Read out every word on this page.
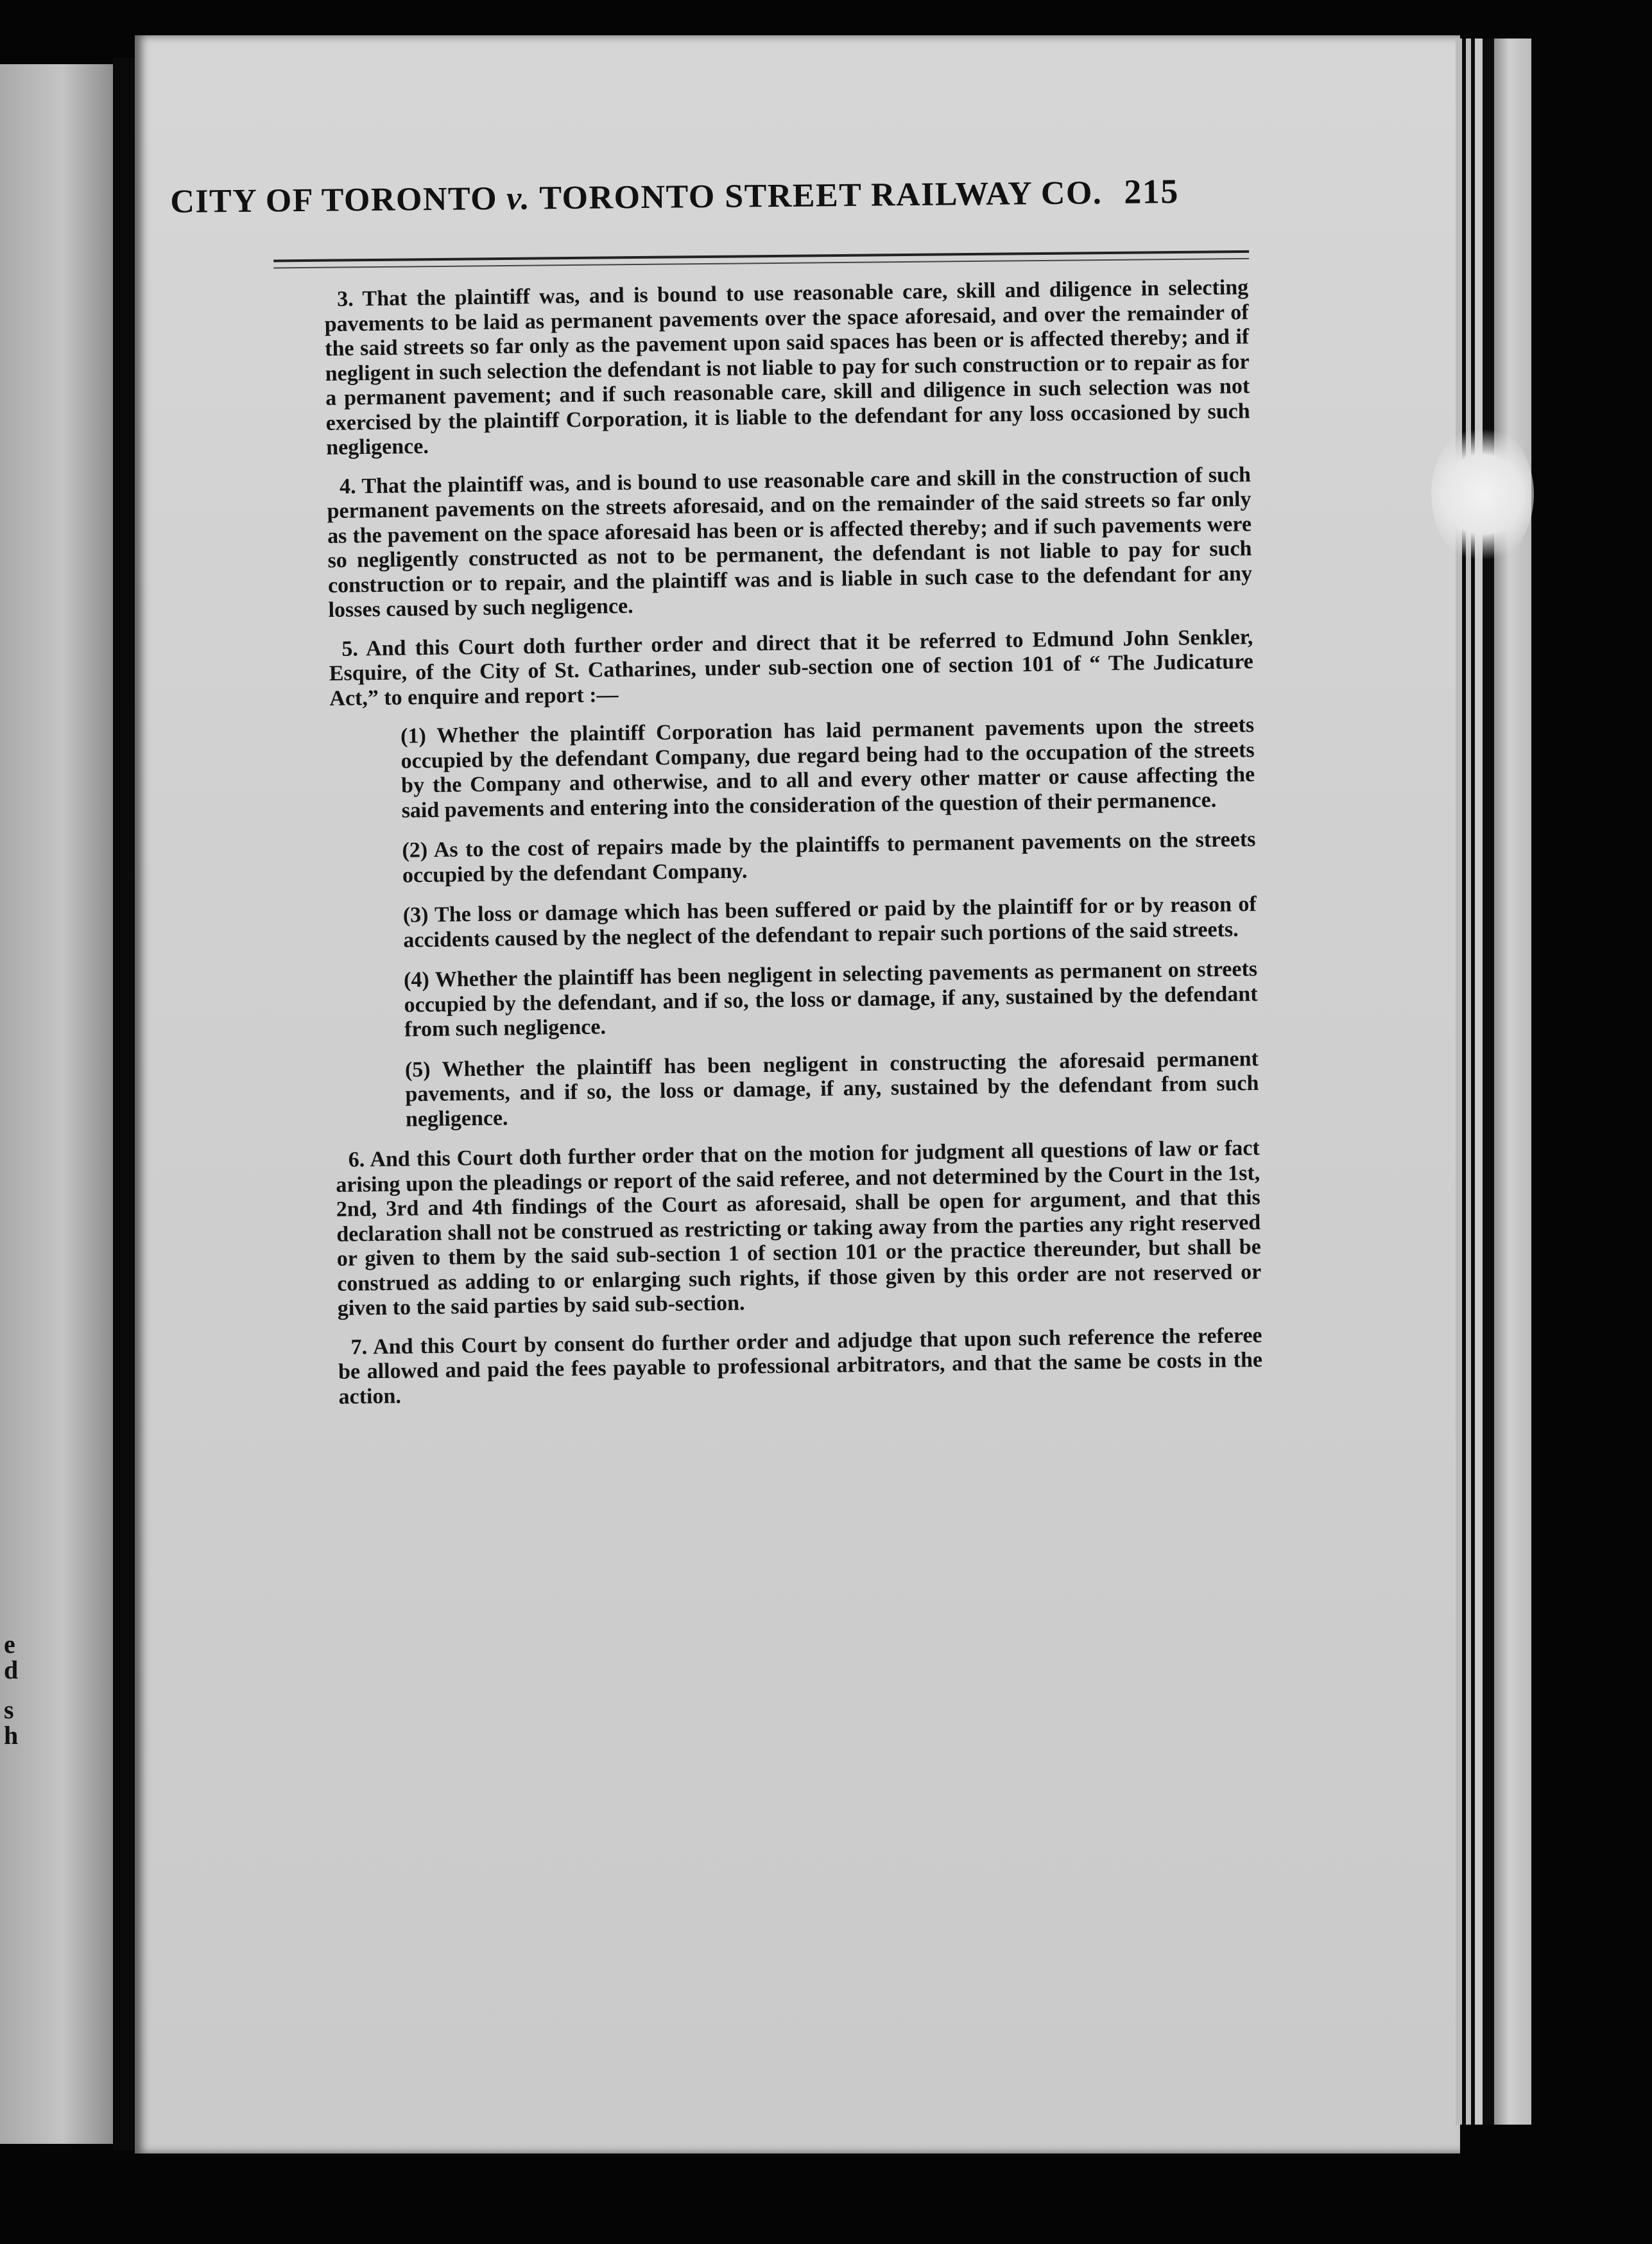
e
d
s
h
CITY OF TORONTO v. TORONTO STREET RAILWAY CO. 215

3. That the plaintiff was, and is bound to use reasonable care, skill and diligence in selecting pavements to be laid as permanent pavements over the space aforesaid, and over the remainder of the said streets so far only as the pavement upon said spaces has been or is affected thereby; and if negligent in such selection the defendant is not liable to pay for such construction or to repair as for a permanent pavement; and if such reasonable care, skill and diligence in such selection was not exercised by the plaintiff Corporation, it is liable to the defendant for any loss occasioned by such negligence.

4. That the plaintiff was, and is bound to use reasonable care and skill in the construction of such permanent pavements on the streets aforesaid, and on the remainder of the said streets so far only as the pavement on the space aforesaid has been or is affected thereby; and if such pavements were so negligently constructed as not to be permanent, the defendant is not liable to pay for such construction or to repair, and the plaintiff was and is liable in such case to the defendant for any losses caused by such negligence.

5. And this Court doth further order and direct that it be referred to Edmund John Senkler, Esquire, of the City of St. Catharines, under sub-section one of section 101 of “ The Judicature Act,” to enquire and report :—

(1) Whether the plaintiff Corporation has laid permanent pavements upon the streets occupied by the defendant Company, due regard being had to the occupation of the streets by the Company and otherwise, and to all and every other matter or cause affecting the said pavements and entering into the consideration of the question of their permanence.

(2) As to the cost of repairs made by the plaintiffs to permanent pavements on the streets occupied by the defendant Company.

(3) The loss or damage which has been suffered or paid by the plaintiff for or by reason of accidents caused by the neglect of the defendant to repair such portions of the said streets.

(4) Whether the plaintiff has been negligent in selecting pavements as permanent on streets occupied by the defendant, and if so, the loss or damage, if any, sustained by the defendant from such negligence.

(5) Whether the plaintiff has been negligent in constructing the aforesaid permanent pavements, and if so, the loss or damage, if any, sustained by the defendant from such negligence.

6. And this Court doth further order that on the motion for judgment all questions of law or fact arising upon the pleadings or report of the said referee, and not determined by the Court in the 1st, 2nd, 3rd and 4th findings of the Court as aforesaid, shall be open for argument, and that this declaration shall not be construed as restricting or taking away from the parties any right reserved or given to them by the said sub-section 1 of section 101 or the practice thereunder, but shall be construed as adding to or enlarging such rights, if those given by this order are not reserved or given to the said parties by said sub-section.

7. And this Court by consent do further order and adjudge that upon such reference the referee be allowed and paid the fees payable to professional arbitrators, and that the same be costs in the action.
